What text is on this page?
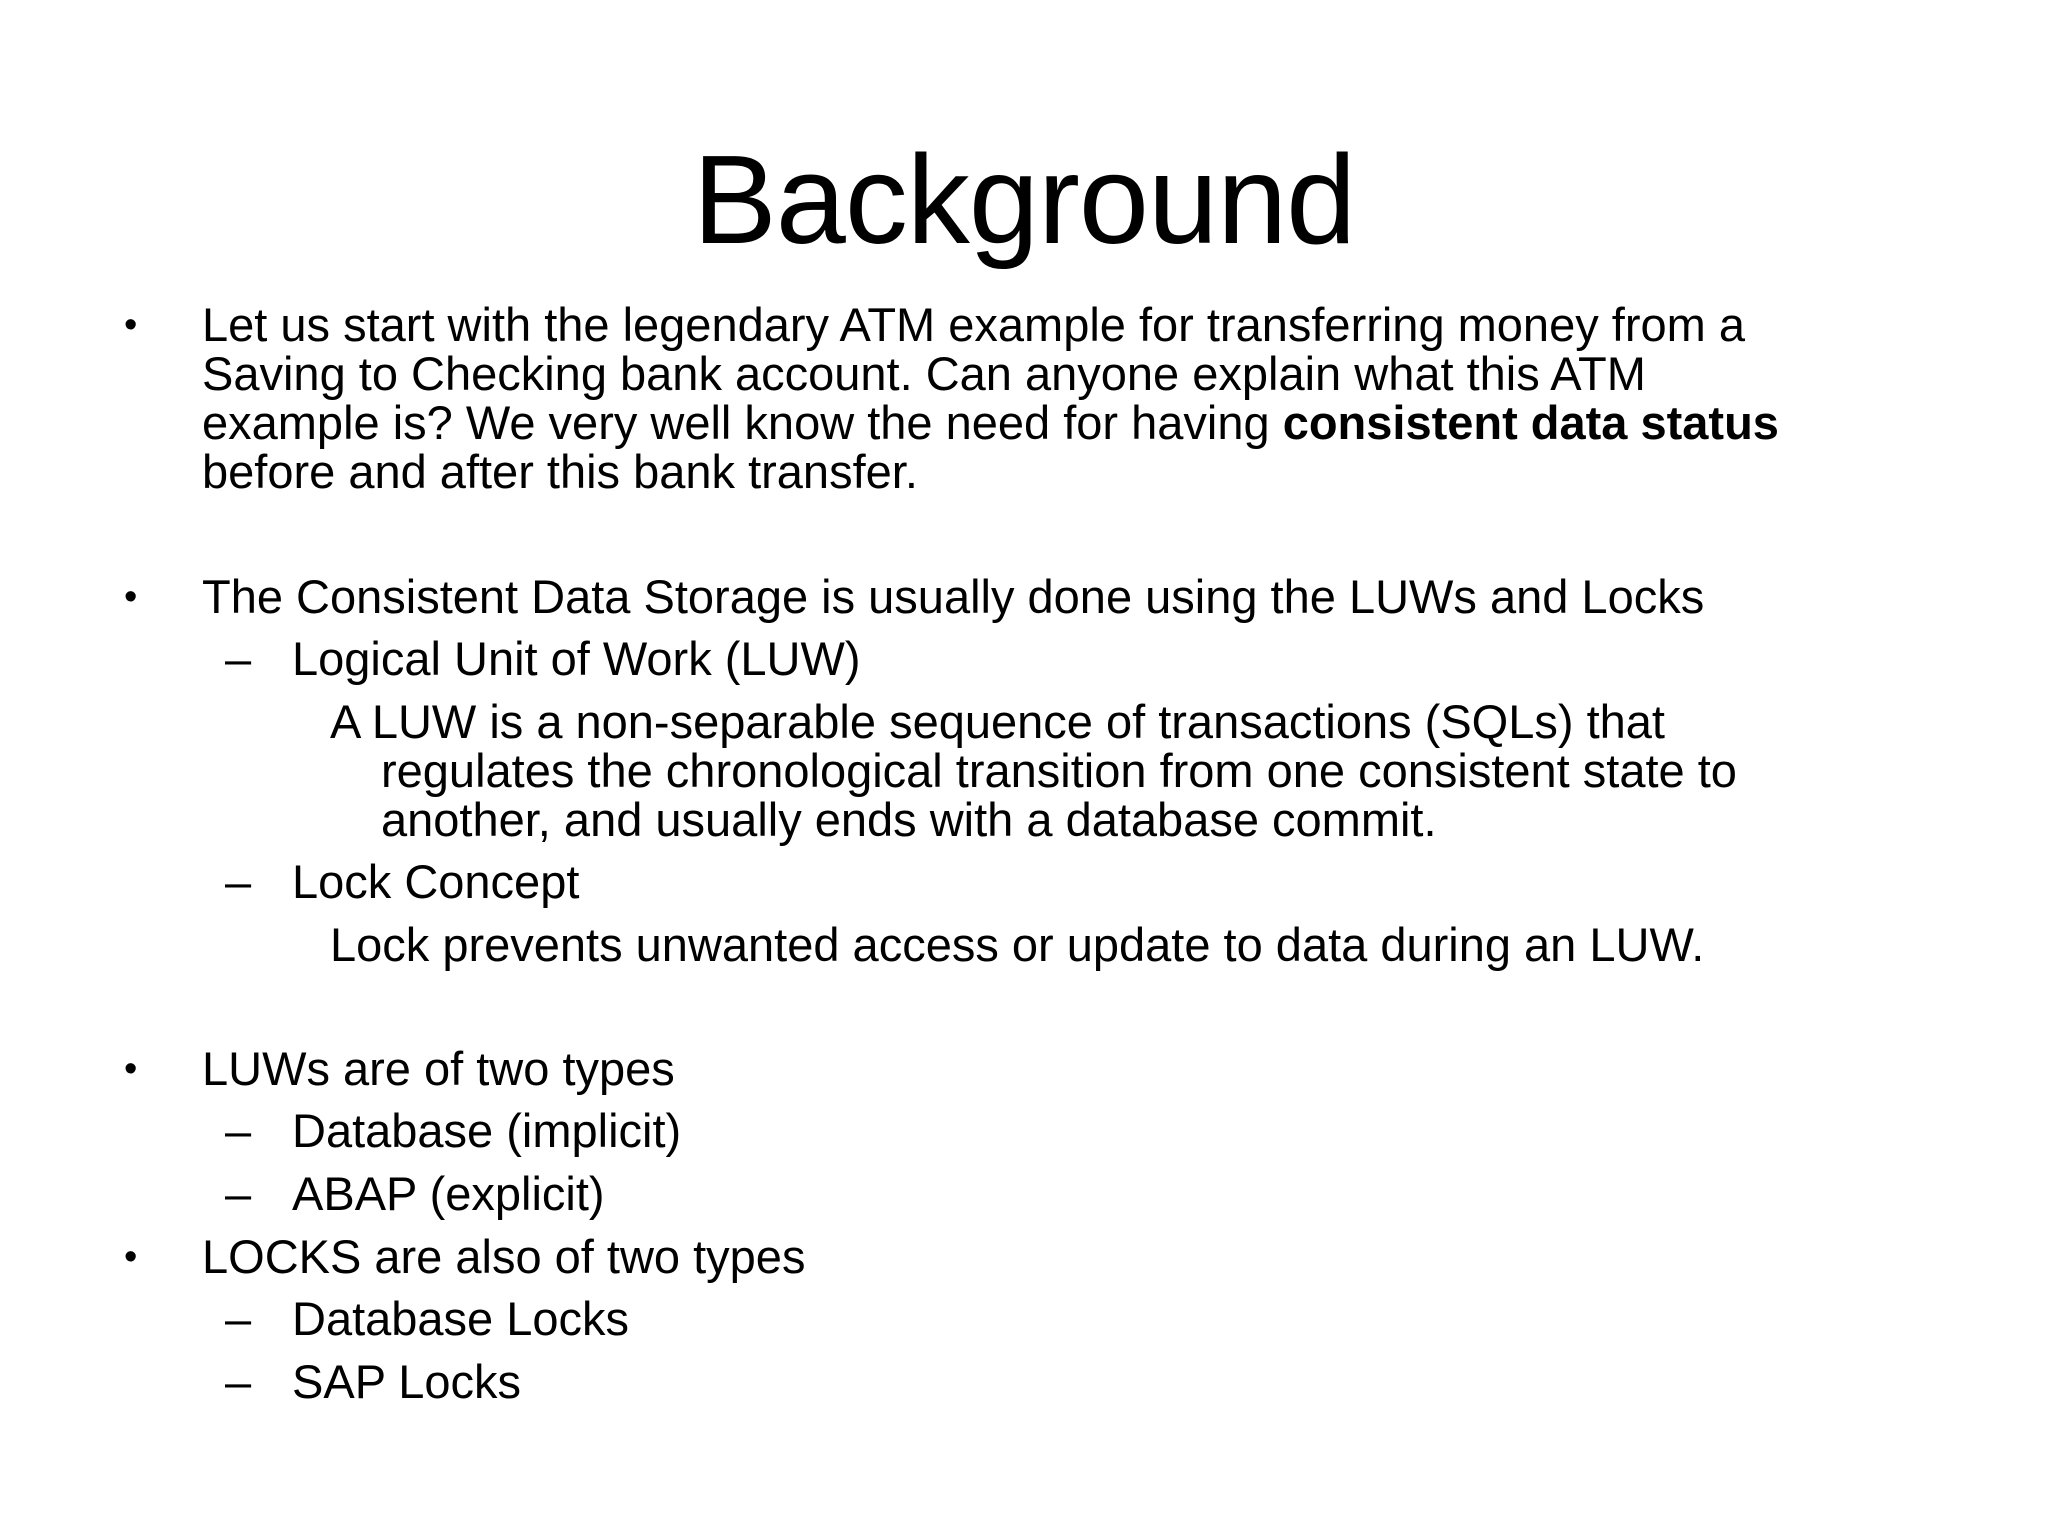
Background
• Let us start with the legendary ATM example for transferring money from a
Saving to Checking bank account. Can anyone explain what this ATM
example is? We very well know the need for having consistent data status
before and after this bank transfer.
• The Consistent Data Storage is usually done using the LUWs and Locks
– Logical Unit of Work (LUW)
A LUW is a non-separable sequence of transactions (SQLs) that
regulates the chronological transition from one consistent state to
another, and usually ends with a database commit.
– Lock Concept
Lock prevents unwanted access or update to data during an LUW.
• LUWs are of two types
– Database (implicit)
– ABAP (explicit)
• LOCKS are also of two types
– Database Locks
– SAP Locks
